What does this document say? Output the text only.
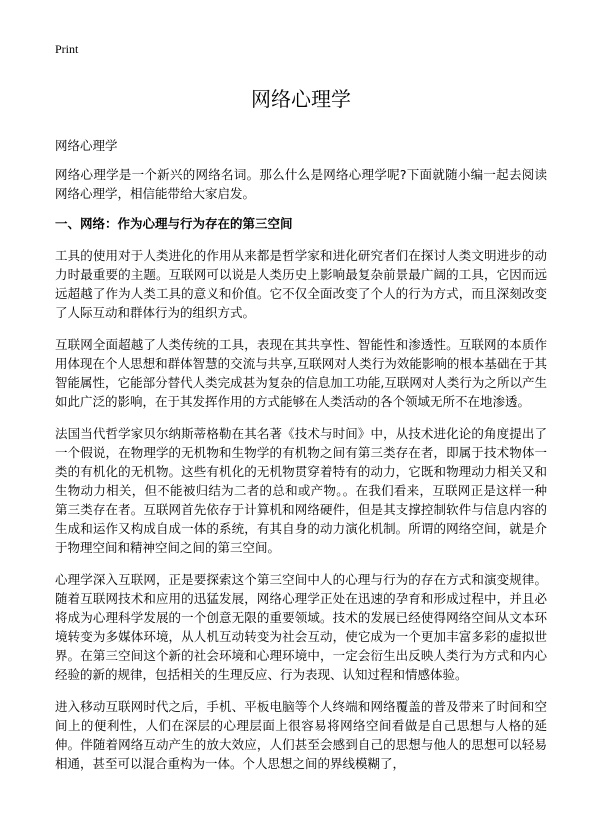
Print

网络心理学

网络心理学

网络心理学是一个新兴的网络名词。那么什么是网络心理学呢?下面就随小编一起去阅读网络心理学，相信能带给大家启发。

一、网络：作为心理与行为存在的第三空间

工具的使用对于人类进化的作用从来都是哲学家和进化研究者们在探讨人类文明进步的动力时最重要的主题。互联网可以说是人类历史上影响最复杂前景最广阔的工具，它因而远远超越了作为人类工具的意义和价值。它不仅全面改变了个人的行为方式，而且深刻改变了人际互动和群体行为的组织方式。

互联网全面超越了人类传统的工具，表现在其共享性、智能性和渗透性。互联网的本质作用体现在个人思想和群体智慧的交流与共享,互联网对人类行为效能影响的根本基础在于其智能属性，它能部分替代人类完成甚为复杂的信息加工功能,互联网对人类行为之所以产生如此广泛的影响，在于其发挥作用的方式能够在人类活动的各个领域无所不在地渗透。

法国当代哲学家贝尔纳斯蒂格勒在其名著《技术与时间》中，从技术进化论的角度提出了一个假说，在物理学的无机物和生物学的有机物之间有第三类存在者，即属于技术物体一类的有机化的无机物。这些有机化的无机物贯穿着特有的动力，它既和物理动力相关又和生物动力相关，但不能被归结为二者的总和或产物。。在我们看来，互联网正是这样一种第三类存在者。互联网首先依存于计算机和网络硬件，但是其支撑控制软件与信息内容的生成和运作又构成自成一体的系统，有其自身的动力演化机制。所谓的网络空间，就是介于物理空间和精神空间之间的第三空间。

心理学深入互联网，正是要探索这个第三空间中人的心理与行为的存在方式和演变规律。随着互联网技术和应用的迅猛发展，网络心理学正处在迅速的孕育和形成过程中，并且必将成为心理科学发展的一个创意无限的重要领域。技术的发展已经使得网络空间从文本环境转变为多媒体环境，从人机互动转变为社会互动，使它成为一个更加丰富多彩的虚拟世界。在第三空间这个新的社会环境和心理环境中，一定会衍生出反映人类行为方式和内心经验的新的规律，包括相关的生理反应、行为表现、认知过程和情感体验。

进入移动互联网时代之后，手机、平板电脑等个人终端和网络覆盖的普及带来了时间和空间上的便利性，人们在深层的心理层面上很容易将网络空间看做是自己思想与人格的延伸。伴随着网络互动产生的放大效应，人们甚至会感到自己的思想与他人的思想可以轻易相通，甚至可以混合重构为一体。个人思想之间的界线模糊了，
